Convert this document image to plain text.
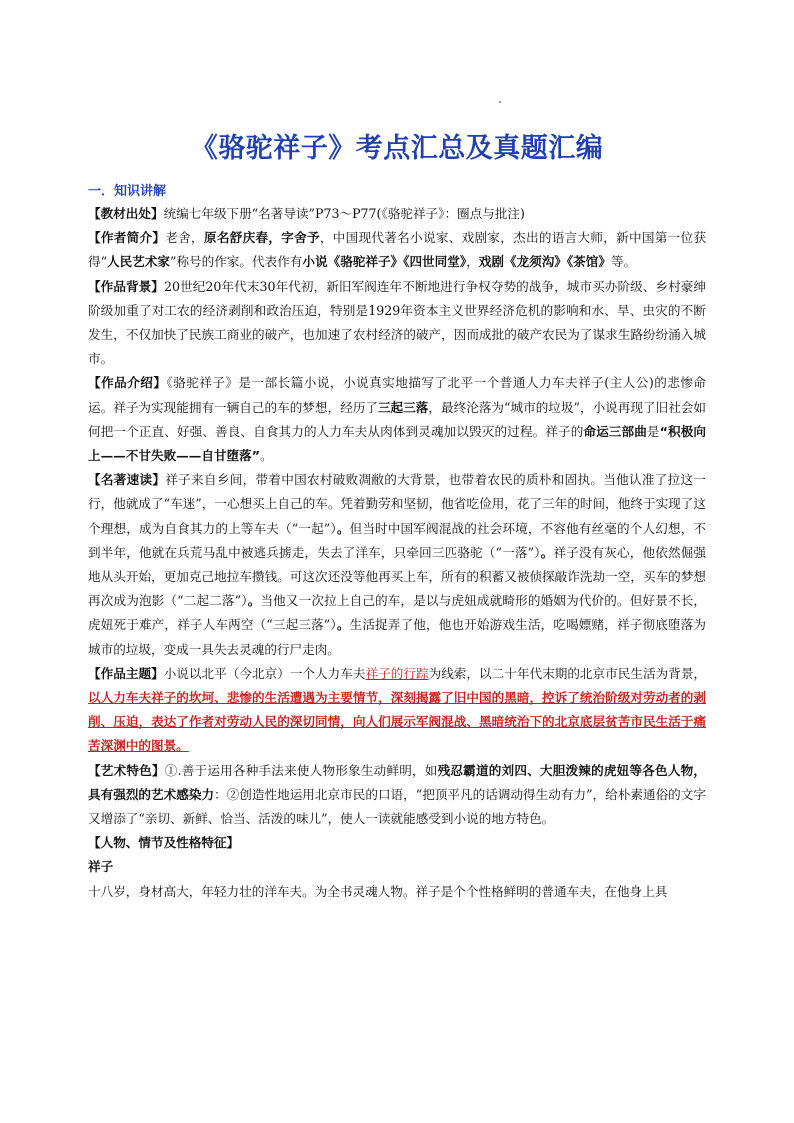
《骆驼祥子》考点汇总及真题汇编
一．知识讲解

【教材出处】统编七年级下册“名著导读”P73～P77(《骆驼祥子》：圈点与批注)

【作者简介】老舍，原名舒庆春，字舍予，中国现代著名小说家、戏剧家，杰出的语言大师，新中国第一位获得“人民艺术家”称号的作家。代表作有小说《骆驼祥子》《四世同堂》，戏剧《龙须沟》《茶馆》等。

【作品背景】20世纪20年代末30年代初，新旧军阀连年不断地进行争权夺势的战争，城市买办阶级、乡村豪绅阶级加重了对工农的经济剥削和政治压迫，特别是1929年资本主义世界经济危机的影响和水、旱、虫灾的不断发生，不仅加快了民族工商业的破产，也加速了农村经济的破产，因而成批的破产农民为了谋求生路纷纷涌入城市。

【作品介绍】《骆驼祥子》是一部长篇小说，小说真实地描写了北平一个普通人力车夫祥子(主人公)的悲惨命运。祥子为实现能拥有一辆自己的车的梦想，经历了三起三落，最终沦落为“城市的垃圾”，小说再现了旧社会如何把一个正直、好强、善良、自食其力的人力车夫从肉体到灵魂加以毁灭的过程。祥子的命运三部曲是“积极向上——不甘失败——自甘堕落”。

【名著速读】祥子来自乡间，带着中国农村破败凋敝的大背景，也带着农民的质朴和固执。当他认准了拉这一行，他就成了“车迷”，一心想买上自己的车。凭着勤劳和坚韧，他省吃俭用，花了三年的时间，他终于实现了这个理想，成为自食其力的上等车夫（“一起”）。但当时中国军阀混战的社会环境，不容他有丝毫的个人幻想，不到半年，他就在兵荒马乱中被逃兵掳走，失去了洋车，只牵回三匹骆驼（“一落”）。祥子没有灰心，他依然倔强地从头开始，更加克己地拉车攒钱。可这次还没等他再买上车，所有的积蓄又被侦探敲诈洗劫一空，买车的梦想再次成为泡影（“二起二落”）。当他又一次拉上自己的车，是以与虎妞成就畸形的婚姻为代价的。但好景不长，虎妞死于难产，祥子人车两空（“三起三落”）。生活捉弄了他，他也开始游戏生活，吃喝嫖赌，祥子彻底堕落为城市的垃圾，变成一具失去灵魂的行尸走肉。

【作品主题】小说以北平（今北京）一个人力车夫祥子的行踪为线索，以二十年代末期的北京市民生活为背景，以人力车夫祥子的坎坷、悲惨的生活遭遇为主要情节，深刻揭露了旧中国的黑暗，控诉了统治阶级对劳动者的剥削、压迫，表达了作者对劳动人民的深切同情，向人们展示军阀混战、黑暗统治下的北京底层贫苦市民生活于痛苦深渊中的图景。

【艺术特色】①.善于运用各种手法来使人物形象生动鲜明，如残忍霸道的刘四、大胆泼辣的虎妞等各色人物，具有强烈的艺术感染力：②创造性地运用北京市民的口语，“把顶平凡的话调动得生动有力”，给朴素通俗的文字又增添了“亲切、新鲜、恰当、活泼的味儿”，使人一读就能感受到小说的地方特色。

【人物、情节及性格特征】

祥子

十八岁，身材高大，年轻力壮的洋车夫。为全书灵魂人物。祥子是个个性格鲜明的普通车夫，在他身上具
